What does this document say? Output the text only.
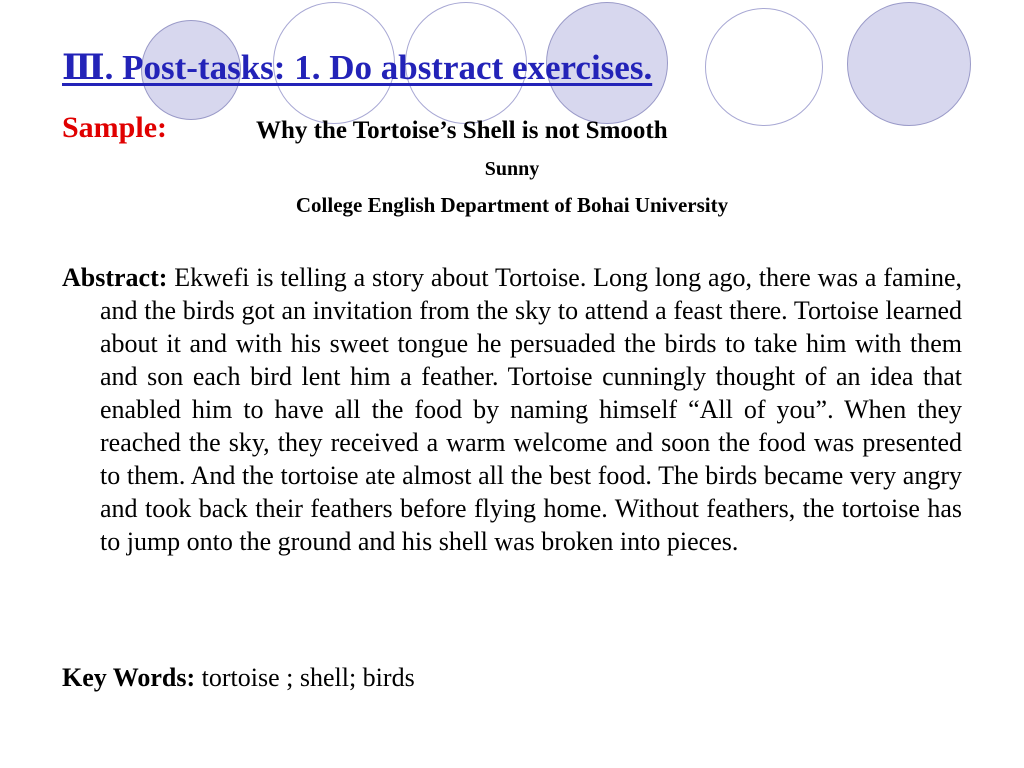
Ⅲ. Post-tasks: 1. Do abstract exercises.
Sample:	Why the Tortoise’s Shell is not Smooth
Sunny
College English Department of Bohai University

Abstract: Ekwefi is telling a story about Tortoise. Long long ago, there was a famine, and the birds got an invitation from the sky to attend a feast there. Tortoise learned about it and with his sweet tongue he persuaded the birds to take him with them and son each bird lent him a feather. Tortoise cunningly thought of an idea that enabled him to have all the food by naming himself “All of you”. When they reached the sky, they received a warm welcome and soon the food was presented to them. And the tortoise ate almost all the best food. The birds became very angry and took back their feathers before flying home. Without feathers, the tortoise has to jump onto the ground and his shell was broken into pieces.

Key Words: tortoise ; shell; birds
